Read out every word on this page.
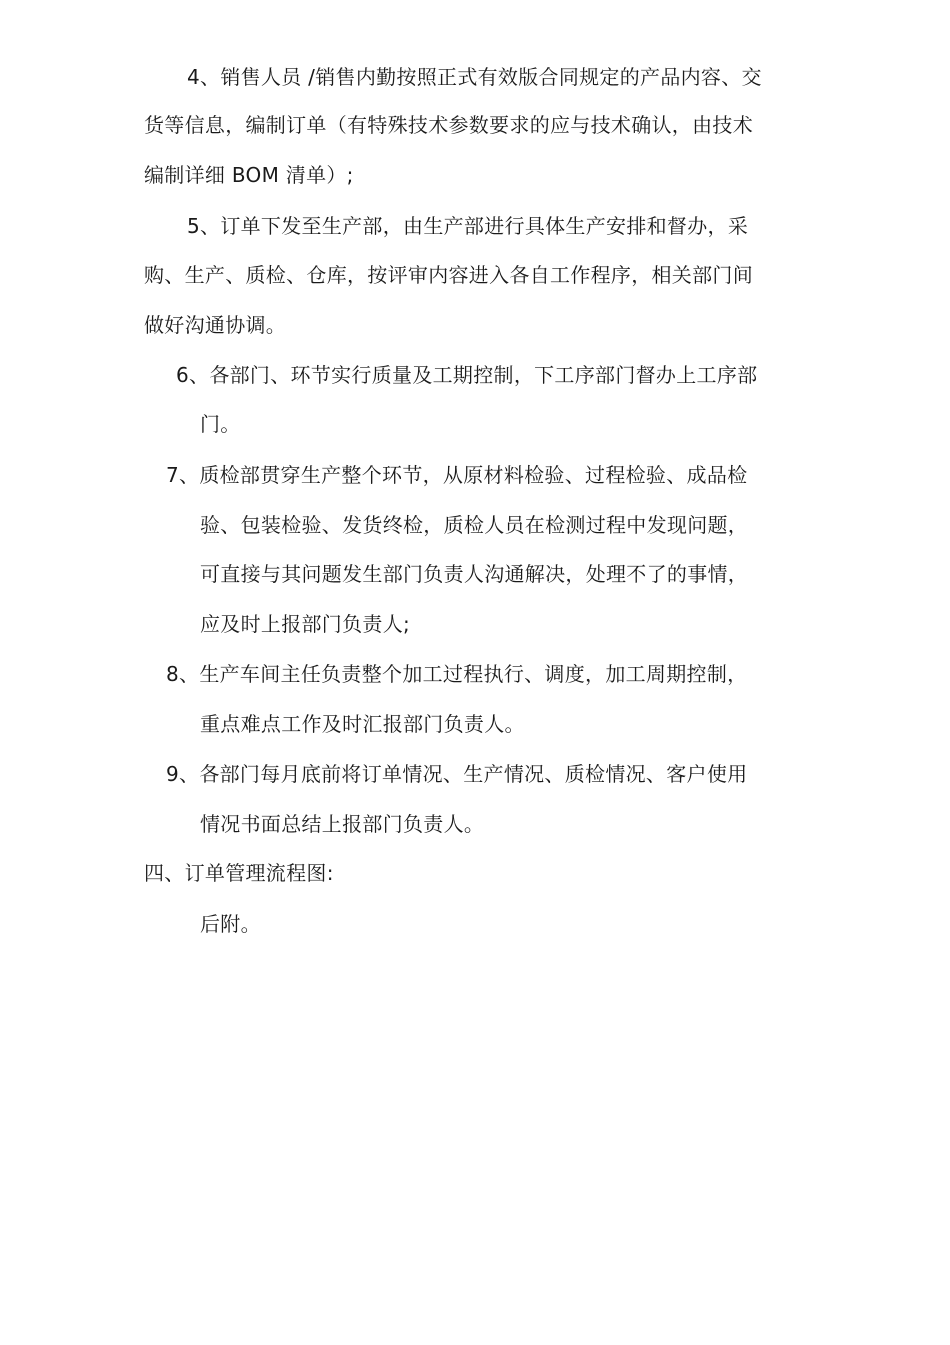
4、销售人员 /销售内勤按照正式有效版合同规定的产品内容、交
货等信息，编制订单（有特殊技术参数要求的应与技术确认，由技术
编制详细 BOM 清单）;
5、订单下发至生产部，由生产部进行具体生产安排和督办，采
购、生产、质检、仓库，按评审内容进入各自工作程序，相关部门间
做好沟通协调。
6、各部门、环节实行质量及工期控制，下工序部门督办上工序部
门。
7、质检部贯穿生产整个环节，从原材料检验、过程检验、成品检
验、包装检验、发货终检，质检人员在检测过程中发现问题，
可直接与其问题发生部门负责人沟通解决，处理不了的事情，
应及时上报部门负责人;
8、生产车间主任负责整个加工过程执行、调度，加工周期控制，
重点难点工作及时汇报部门负责人。
9、各部门每月底前将订单情况、生产情况、质检情况、客户使用
情况书面总结上报部门负责人。
四、订单管理流程图:
后附。
